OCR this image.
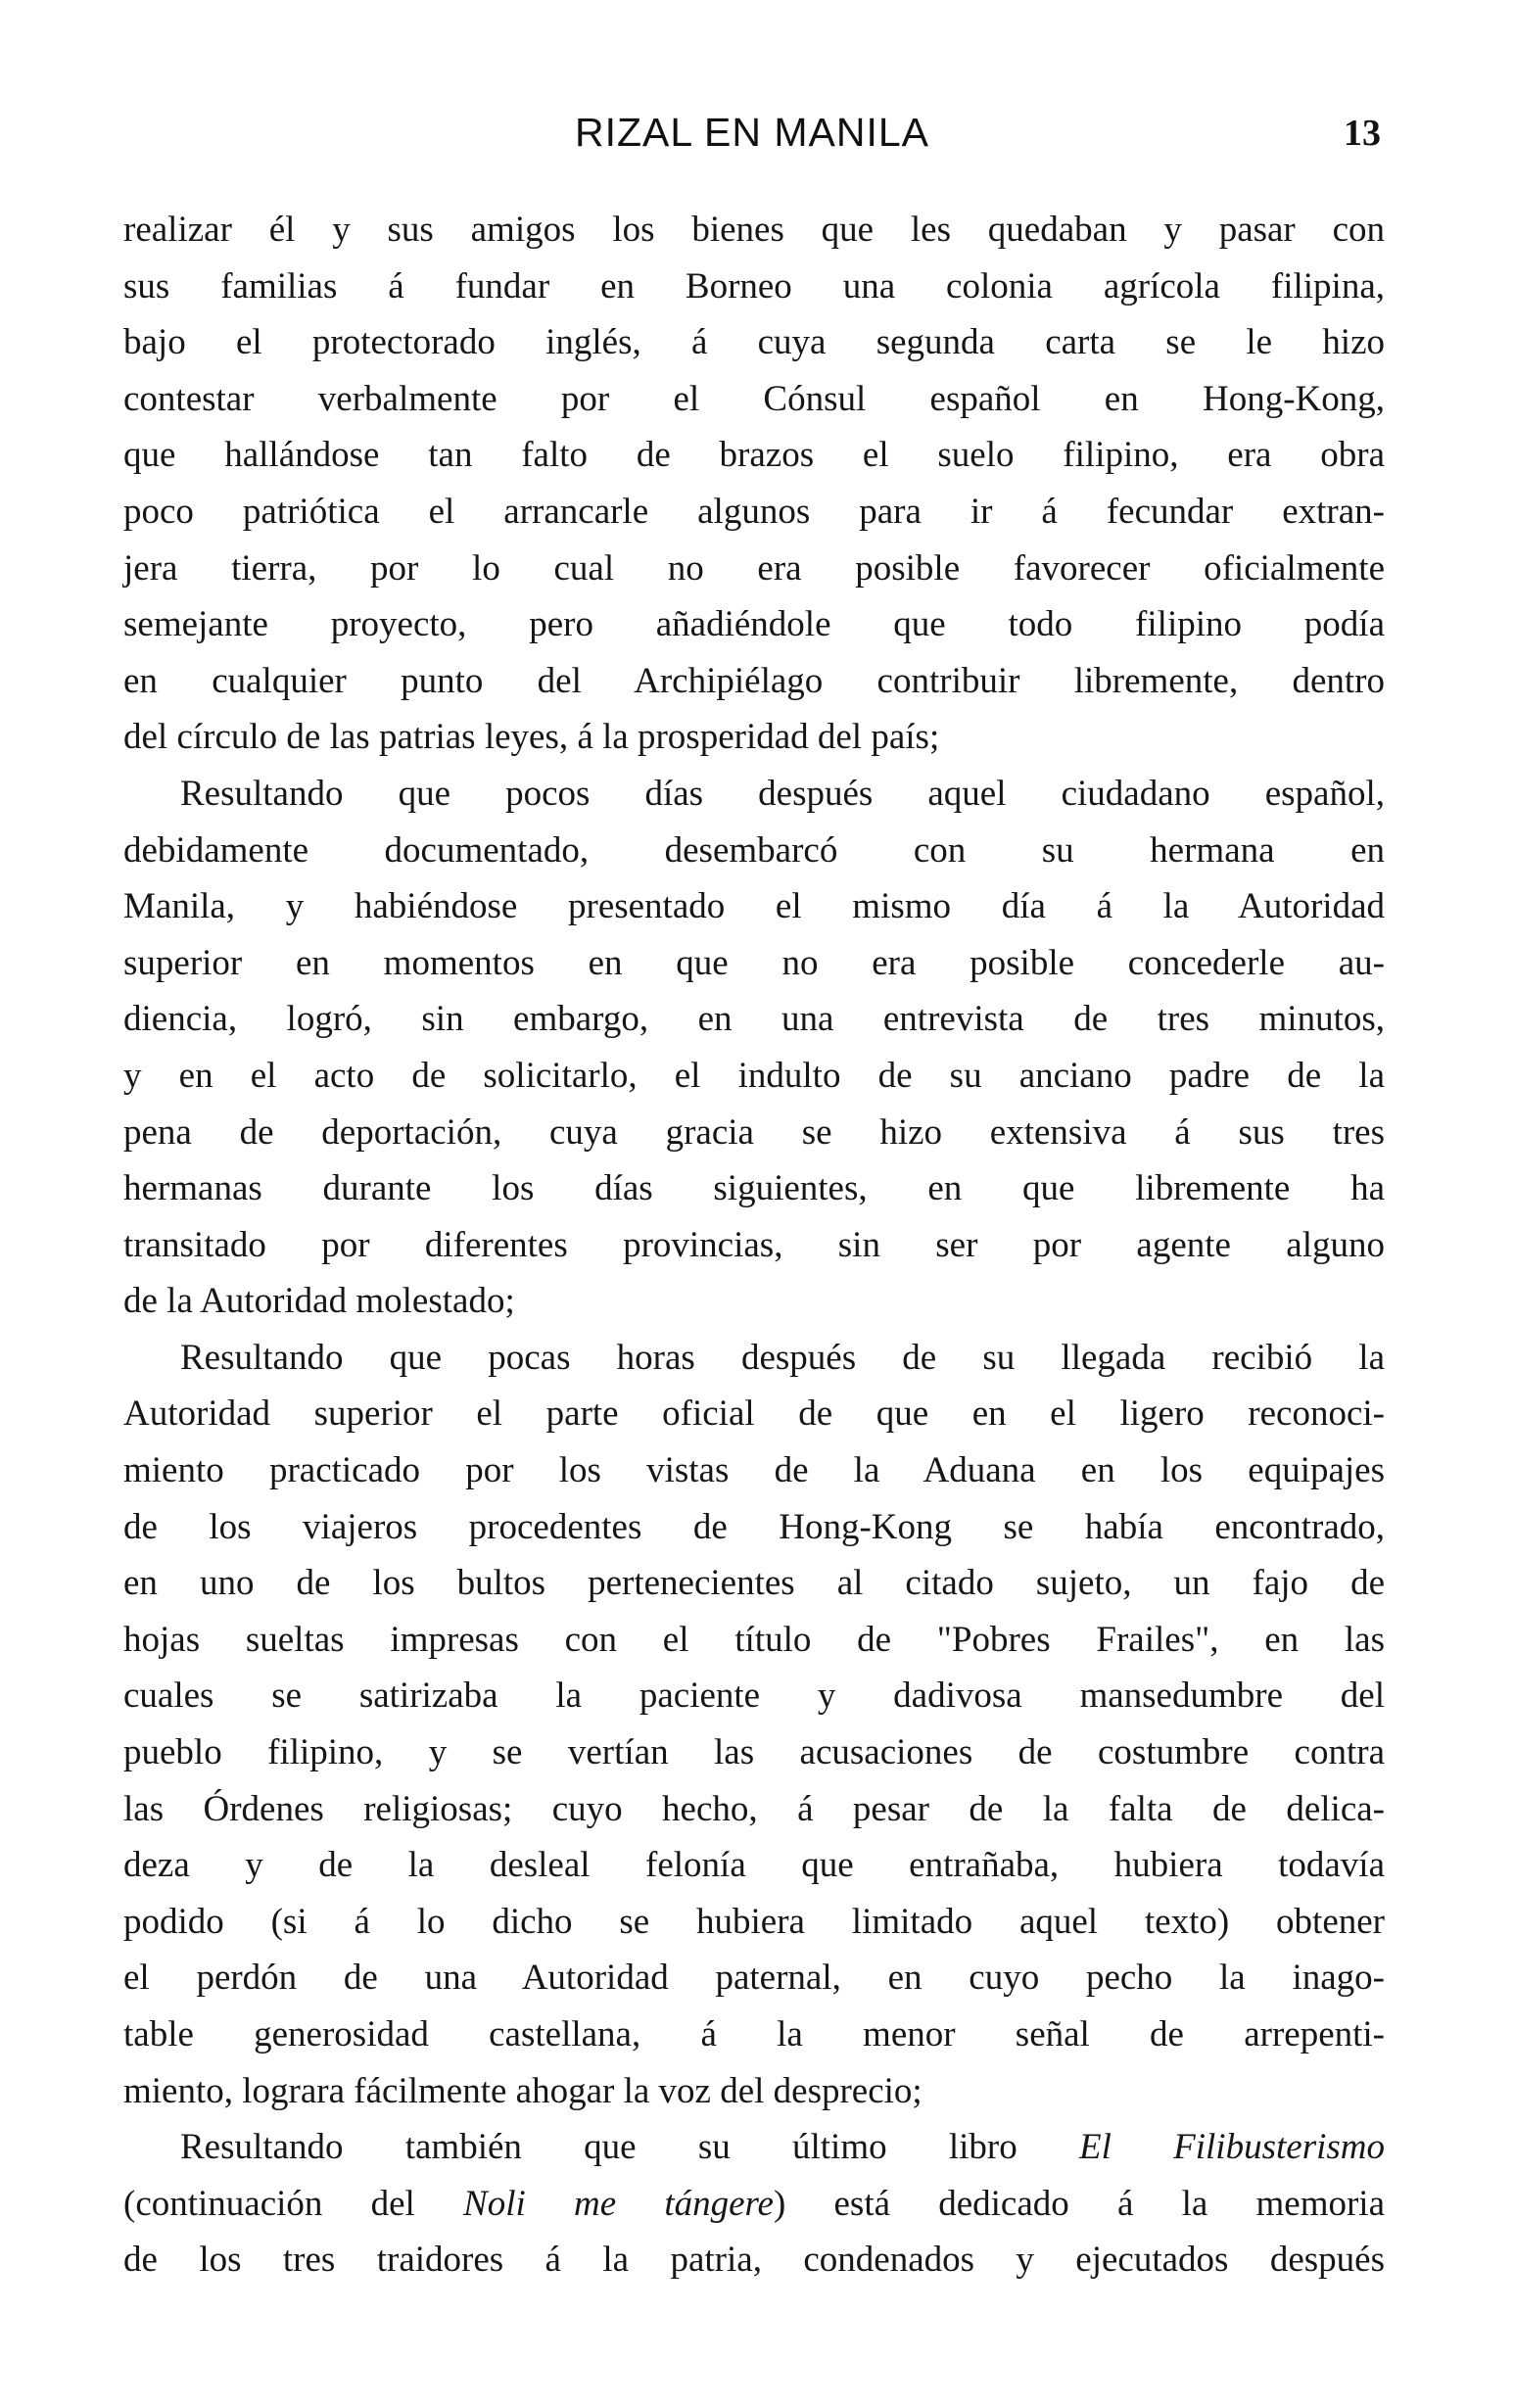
RIZAL EN MANILA	13
realizar él y sus amigos los bienes que les quedaban y pasar con
sus familias á fundar en Borneo una colonia agrícola filipina,
bajo el protectorado inglés, á cuya segunda carta se le hizo
contestar verbalmente por el Cónsul español en Hong-Kong,
que hallándose tan falto de brazos el suelo filipino, era obra
poco patriótica el arrancarle algunos para ir á fecundar extran-
jera tierra, por lo cual no era posible favorecer oficialmente
semejante proyecto, pero añadiéndole que todo filipino podía
en cualquier punto del Archipiélago contribuir libremente, dentro
del círculo de las patrias leyes, á la prosperidad del país;
Resultando que pocos días después aquel ciudadano español,
debidamente documentado, desembarcó con su hermana en
Manila, y habiéndose presentado el mismo día á la Autoridad
superior en momentos en que no era posible concederle au-
diencia, logró, sin embargo, en una entrevista de tres minutos,
y en el acto de solicitarlo, el indulto de su anciano padre de la
pena de deportación, cuya gracia se hizo extensiva á sus tres
hermanas durante los días siguientes, en que libremente ha
transitado por diferentes provincias, sin ser por agente alguno
de la Autoridad molestado;
Resultando que pocas horas después de su llegada recibió la
Autoridad superior el parte oficial de que en el ligero reconoci-
miento practicado por los vistas de la Aduana en los equipajes
de los viajeros procedentes de Hong-Kong se había encontrado,
en uno de los bultos pertenecientes al citado sujeto, un fajo de
hojas sueltas impresas con el título de "Pobres Frailes", en las
cuales se satirizaba la paciente y dadivosa mansedumbre del
pueblo filipino, y se vertían las acusaciones de costumbre contra
las Órdenes religiosas; cuyo hecho, á pesar de la falta de delica-
deza y de la desleal felonía que entrañaba, hubiera todavía
podido (si á lo dicho se hubiera limitado aquel texto) obtener
el perdón de una Autoridad paternal, en cuyo pecho la inago-
table generosidad castellana, á la menor señal de arrepenti-
miento, lograra fácilmente ahogar la voz del desprecio;
Resultando también que su último libro El Filibusterismo
(continuación del Noli me tángere) está dedicado á la memoria
de los tres traidores á la patria, condenados y ejecutados después
